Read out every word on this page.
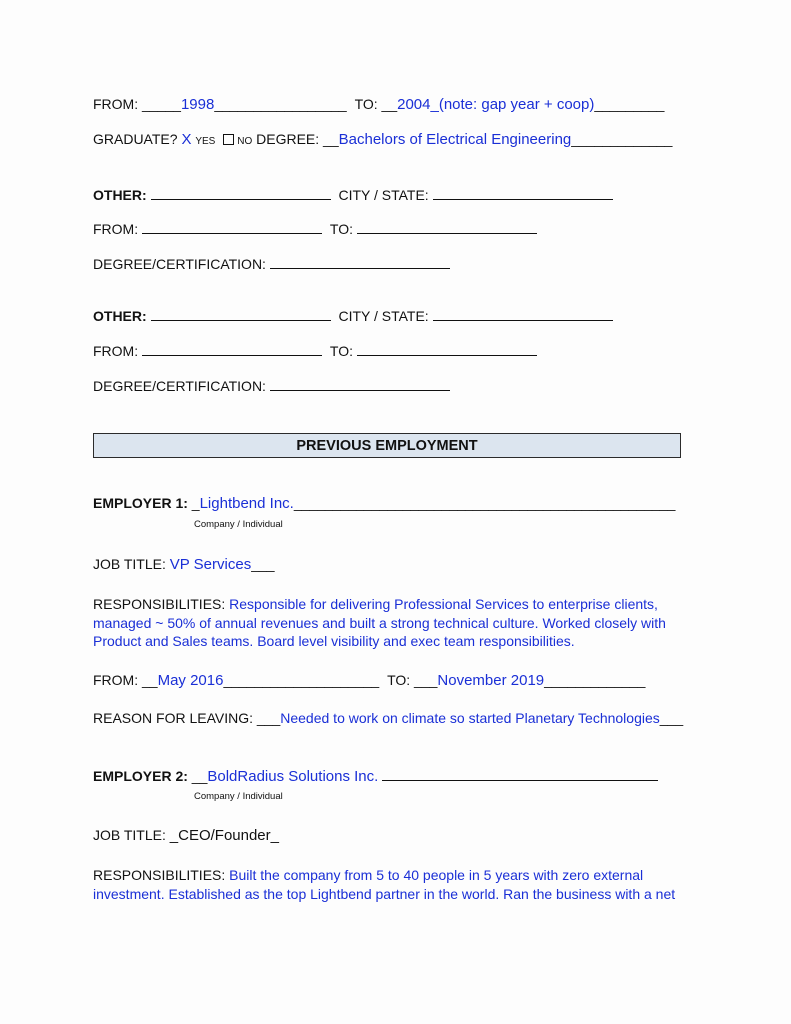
FROM: _____1998_________________ TO: __2004_(note: gap year + coop)_________
GRADUATE? X YES NO DEGREE: __Bachelors of Electrical Engineering_____________
OTHER:	CITY / STATE:
FROM:	TO:
DEGREE/CERTIFICATION:
OTHER:	CITY / STATE:
FROM:	TO:
DEGREE/CERTIFICATION:
PREVIOUS EMPLOYMENT
EMPLOYER 1: _Lightbend Inc._________________________________________________
Company / Individual
JOB TITLE: VP Services___
RESPONSIBILITIES: Responsible for delivering Professional Services to enterprise clients, managed ~ 50% of annual revenues and built a strong technical culture. Worked closely with Product and Sales teams. Board level visibility and exec team responsibilities.
FROM: __May 2016____________________ TO: ___November 2019_____________
REASON FOR LEAVING: ___Needed to work on climate so started Planetary Technologies___
EMPLOYER 2: __BoldRadius Solutions Inc.
Company / Individual
JOB TITLE: _CEO/Founder_
RESPONSIBILITIES: Built the company from 5 to 40 people in 5 years with zero external investment. Established as the top Lightbend partner in the world. Ran the business with a net
